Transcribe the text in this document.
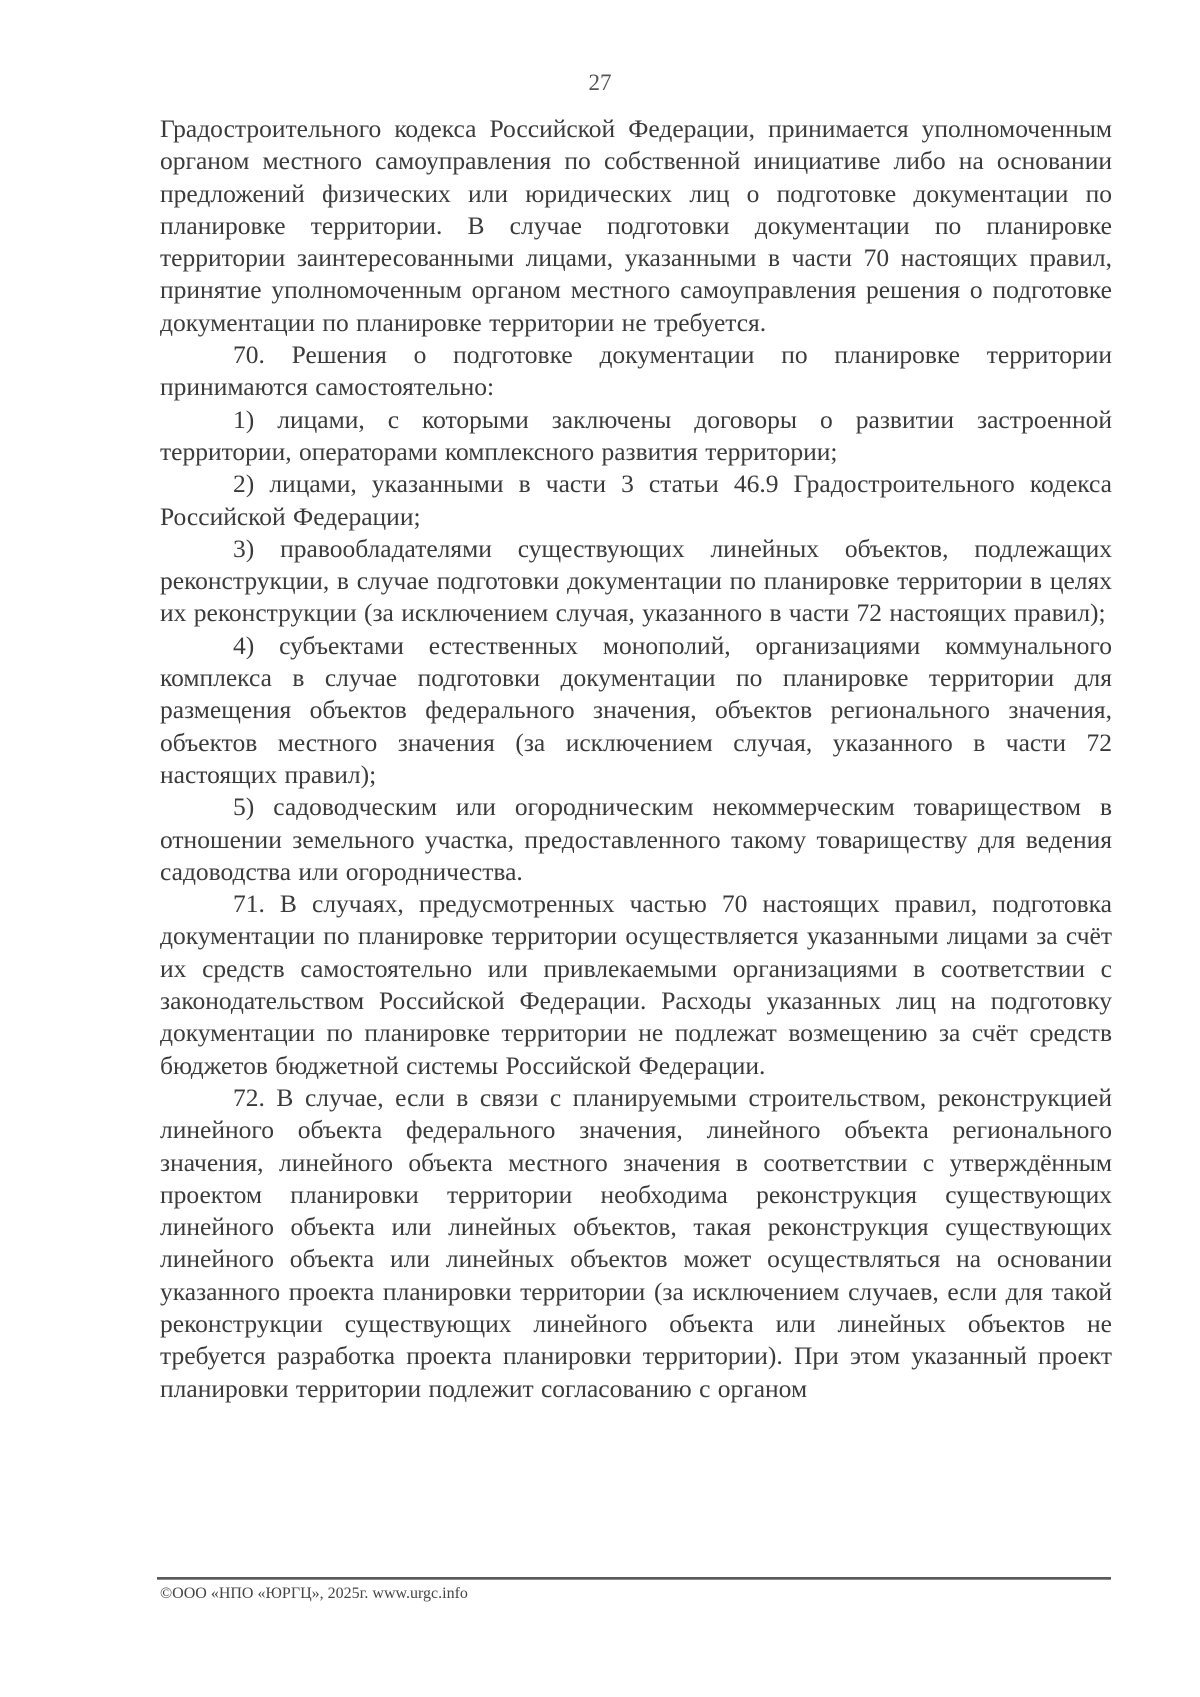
27

Градостроительного кодекса Российской Федерации, принимается уполномоченным органом местного самоуправления по собственной инициативе либо на основании предложений физических или юридических лиц о подготовке документации по планировке территории. В случае подготовки документации по планировке территории заинтересованными лицами, указанными в части 70 настоящих правил, принятие уполномоченным органом местного самоуправления решения о подготовке документации по планировке территории не требуется.

70. Решения о подготовке документации по планировке территории принимаются самостоятельно:

1) лицами, с которыми заключены договоры о развитии застроенной территории, операторами комплексного развития территории;

2) лицами, указанными в части 3 статьи 46.9 Градостроительного кодекса Российской Федерации;

3) правообладателями существующих линейных объектов, подлежащих реконструкции, в случае подготовки документации по планировке территории в целях их реконструкции (за исключением случая, указанного в части 72 настоящих правил);

4) субъектами естественных монополий, организациями коммунального комплекса в случае подготовки документации по планировке территории для размещения объектов федерального значения, объектов регионального значения, объектов местного значения (за исключением случая, указанного в части 72 настоящих правил);

5) садоводческим или огородническим некоммерческим товариществом в отношении земельного участка, предоставленного такому товариществу для ведения садоводства или огородничества.

71. В случаях, предусмотренных частью 70 настоящих правил, подготовка документации по планировке территории осуществляется указанными лицами за счёт их средств самостоятельно или привлекаемыми организациями в соответствии с законодательством Российской Федерации. Расходы указанных лиц на подготовку документации по планировке территории не подлежат возмещению за счёт средств бюджетов бюджетной системы Российской Федерации.

72. В случае, если в связи с планируемыми строительством, реконструкцией линейного объекта федерального значения, линейного объекта регионального значения, линейного объекта местного значения в соответствии с утверждённым проектом планировки территории необходима реконструкция существующих линейного объекта или линейных объектов, такая реконструкция существующих линейного объекта или линейных объектов может осуществляться на основании указанного проекта планировки территории (за исключением случаев, если для такой реконструкции существующих линейного объекта или линейных объектов не требуется разработка проекта планировки территории). При этом указанный проект планировки территории подлежит согласованию с органом

©ООО «НПО «ЮРГЦ», 2025г. www.urgc.info
